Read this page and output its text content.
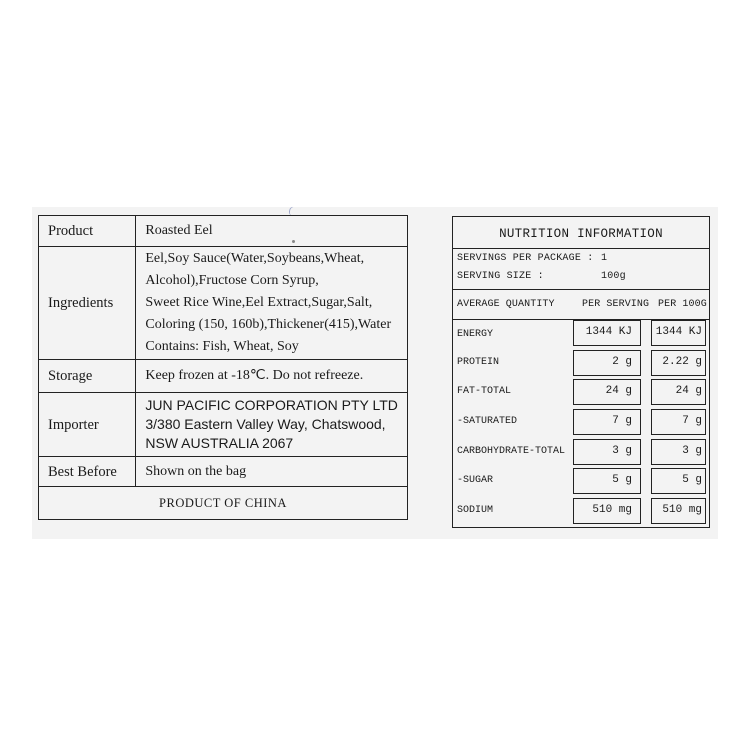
Product	Roasted Eel
Ingredients	Eel,Soy Sauce(Water,Soybeans,Wheat,
Alcohol),Fructose Corn Syrup,
Sweet Rice Wine,Eel Extract,Sugar,Salt,
Coloring (150, 160b),Thickener(415),Water
Contains: Fish, Wheat, Soy

Storage	Keep frozen at -18℃. Do not refreeze.
Importer	JUN PACIFIC CORPORATION PTY LTD
3/380 Eastern Valley Way, Chatswood,
NSW AUSTRALIA 2067

Best Before	Shown on the bag
PRODUCT OF CHINA	
NUTRITION INFORMATION
SERVINGS PER PACKAGE : 1
SERVING SIZE :	100g
AVERAGE QUANTITY	PER SERVING PER 100G
ENERGY	1344 KJ	1344 KJ
PROTEIN	2 g	2.22 g
FAT-TOTAL	24 g	24 g
-SATURATED	7 g	7 g
CARBOHYDRATE-TOTAL	3 g	3 g
-SUGAR	5 g	5 g
SODIUM	510 mg	510 mg
